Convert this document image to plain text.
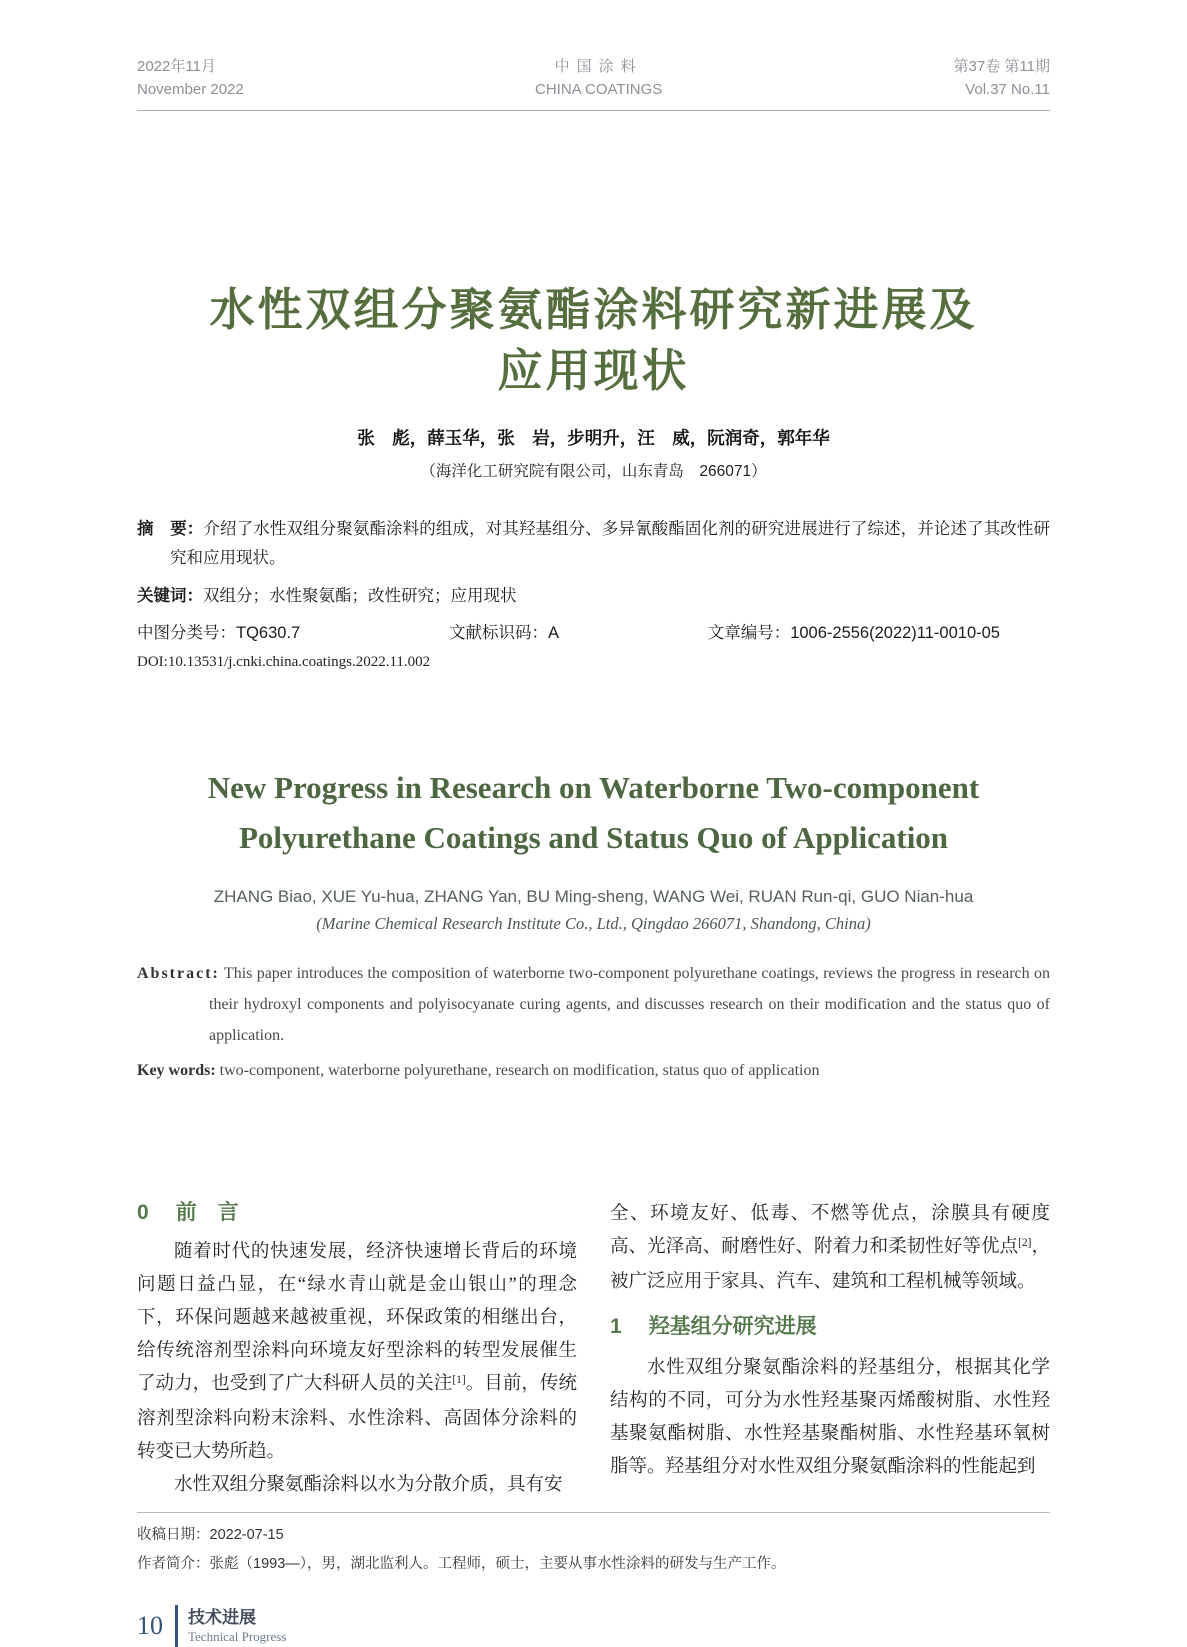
2022年11月
November 2022
中国涂料
CHINA COATINGS
第37卷 第11期
Vol.37 No.11
水性双组分聚氨酯涂料研究新进展及
应用现状
张　彪，薛玉华，张　岩，步明升，汪　威，阮润奇，郭年华
（海洋化工研究院有限公司，山东青岛　266071）
摘　要：介绍了水性双组分聚氨酯涂料的组成，对其羟基组分、多异氰酸酯固化剂的研究进展进行了综述，并论述了其改性研究和应用现状。
关键词：双组分；水性聚氨酯；改性研究；应用现状
中图分类号：TQ630.7	文献标识码：A	文章编号：1006-2556(2022)11-0010-05
DOI:10.13531/j.cnki.china.coatings.2022.11.002
New Progress in Research on Waterborne Two-component
Polyurethane Coatings and Status Quo of Application
ZHANG Biao, XUE Yu-hua, ZHANG Yan, BU Ming-sheng, WANG Wei, RUAN Run-qi, GUO Nian-hua
(Marine Chemical Research Institute Co., Ltd., Qingdao 266071, Shandong, China)
Abstract: This paper introduces the composition of waterborne two-component polyurethane coatings, reviews the progress in research on their hydroxyl components and polyisocyanate curing agents, and discusses research on their modification and the status quo of application.
Key words: two-component, waterborne polyurethane, research on modification, status quo of application
0 前　言
随着时代的快速发展，经济快速增长背后的环境问题日益凸显，在“绿水青山就是金山银山”的理念下，环保问题越来越被重视，环保政策的相继出台，给传统溶剂型涂料向环境友好型涂料的转型发展催生了动力，也受到了广大科研人员的关注[1]。目前，传统溶剂型涂料向粉末涂料、水性涂料、高固体分涂料的转变已大势所趋。
水性双组分聚氨酯涂料以水为分散介质，具有安
全、环境友好、低毒、不燃等优点，涂膜具有硬度高、光泽高、耐磨性好、附着力和柔韧性好等优点[2]，被广泛应用于家具、汽车、建筑和工程机械等领域。
1 羟基组分研究进展
水性双组分聚氨酯涂料的羟基组分，根据其化学结构的不同，可分为水性羟基聚丙烯酸树脂、水性羟基聚氨酯树脂、水性羟基聚酯树脂、水性羟基环氧树脂等。羟基组分对水性双组分聚氨酯涂料的性能起到
收稿日期：2022-07-15
作者简介：张彪（1993—），男，湖北监利人。工程师，硕士，主要从事水性涂料的研发与生产工作。
10 技术进展
Technical Progress
